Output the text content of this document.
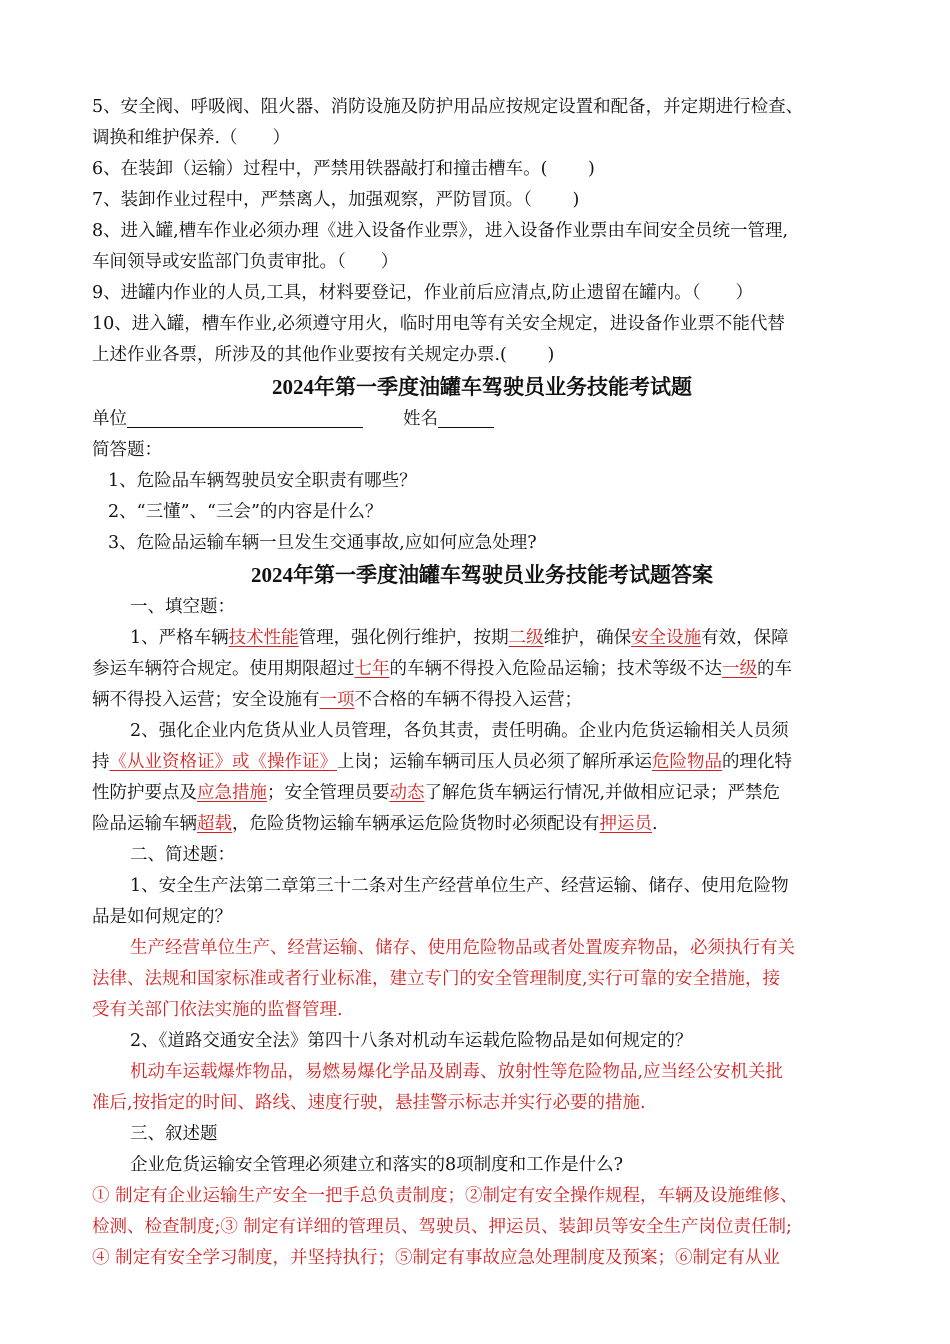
5、安全阀、呼吸阀、阻火器、消防设施及防护用品应按规定设置和配备，并定期进行检查、
调换和维护保养.（　　）
6、在装卸（运输）过程中，严禁用铁器敲打和撞击槽车。(　　 )
7、装卸作业过程中，严禁离人，加强观察，严防冒顶。（　　 )
8、进入罐,槽车作业必须办理《进入设备作业票》，进入设备作业票由车间安全员统一管理,
车间领导或安监部门负责审批。（　　）
9、进罐内作业的人员,工具，材料要登记，作业前后应清点,防止遗留在罐内。（　　）
10、进入罐，槽车作业,必须遵守用火，临时用电等有关安全规定，进设备作业票不能代替
上述作业各票，所涉及的其他作业要按有关规定办票.(　　 )
2024年第一季度油罐车驾驶员业务技能考试题
单位	姓名
简答题：
1、危险品车辆驾驶员安全职责有哪些？
2、“三懂”、“三会”的内容是什么？
3、危险品运输车辆一旦发生交通事故,应如何应急处理?
2024年第一季度油罐车驾驶员业务技能考试题答案
一、填空题：
1、严格车辆技术性能管理，强化例行维护，按期二级维护，确保安全设施有效，保障
参运车辆符合规定。使用期限超过七年的车辆不得投入危险品运输；技术等级不达一级的车
辆不得投入运营；安全设施有一项不合格的车辆不得投入运营；
2、强化企业内危货从业人员管理，各负其责，责任明确。企业内危货运输相关人员须
持《从业资格证》或《操作证》上岗；运输车辆司压人员必须了解所承运危险物品的理化特
性防护要点及应急措施；安全管理员要动态了解危货车辆运行情况,并做相应记录；严禁危
险品运输车辆超载，危险货物运输车辆承运危险货物时必须配设有押运员.
二、简述题：
1、安全生产法第二章第三十二条对生产经营单位生产、经营运输、储存、使用危险物
品是如何规定的？
生产经营单位生产、经营运输、储存、使用危险物品或者处置废弃物品，必须执行有关
法律、法规和国家标准或者行业标准，建立专门的安全管理制度,实行可靠的安全措施，接
受有关部门依法实施的监督管理.
2、《道路交通安全法》第四十八条对机动车运载危险物品是如何规定的？
机动车运载爆炸物品，易燃易爆化学品及剧毒、放射性等危险物品,应当经公安机关批
准后,按指定的时间、路线、速度行驶，悬挂警示标志并实行必要的措施.
三、叙述题
企业危货运输安全管理必须建立和落实的8项制度和工作是什么?
① 制定有企业运输生产安全一把手总负责制度；②制定有安全操作规程，车辆及设施维修、
检测、检查制度;③ 制定有详细的管理员、驾驶员、押运员、装卸员等安全生产岗位责任制;
④ 制定有安全学习制度，并坚持执行；⑤制定有事故应急处理制度及预案；⑥制定有从业
